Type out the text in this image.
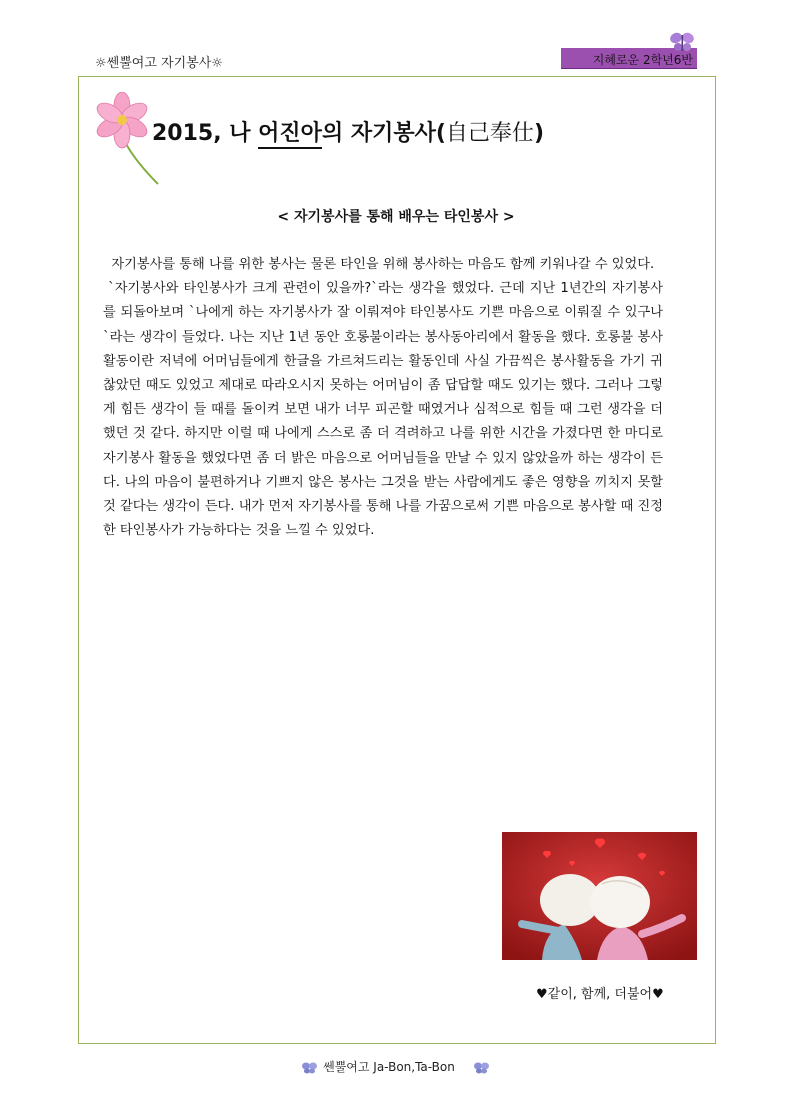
☼쎈뿔여고 자기봉사☼	지혜로운 2학년6반
2015, 나 어진아의 자기봉사(自己奉仕)
< 자기봉사를 통해 배우는 타인봉사 >

자기봉사를 통해 나를 위한 봉사는 물론 타인을 위해 봉사하는 마음도 함께 키워나갈 수 있었다.

`자기봉사와 타인봉사가 크게 관련이 있을까?`라는 생각을 했었다. 근데 지난 1년간의 자기봉사를 되돌아보며 `나에게 하는 자기봉사가 잘 이뤄져야 타인봉사도 기쁜 마음으로 이뤄질 수 있구나`라는 생각이 들었다. 나는 지난 1년 동안 호롱불이라는 봉사동아리에서 활동을 했다. 호롱불 봉사활동이란 저녁에 어머님들에게 한글을 가르쳐드리는 활동인데 사실 가끔씩은 봉사활동을 가기 귀찮았던 때도 있었고 제대로 따라오시지 못하는 어머님이 좀 답답할 때도 있기는 했다. 그러나 그렇게 힘든 생각이 들 때를 돌이켜 보면 내가 너무 피곤할 때였거나 심적으로 힘들 때 그런 생각을 더 했던 것 같다. 하지만 이럴 때 나에게 스스로 좀 더 격려하고 나를 위한 시간을 가졌다면 한 마디로 자기봉사 활동을 했었다면 좀 더 밝은 마음으로 어머님들을 만날 수 있지 않았을까 하는 생각이 든다. 나의 마음이 불편하거나 기쁘지 않은 봉사는 그것을 받는 사람에게도 좋은 영향을 끼치지 못할 것 같다는 생각이 든다. 내가 먼저 자기봉사를 통해 나를 가꿈으로써 기쁜 마음으로 봉사할 때 진정한 타인봉사가 가능하다는 것을 느낄 수 있었다.

♥같이, 함께, 더불어♥
쎈뿔여고 Ja-Bon,Ta-Bon
